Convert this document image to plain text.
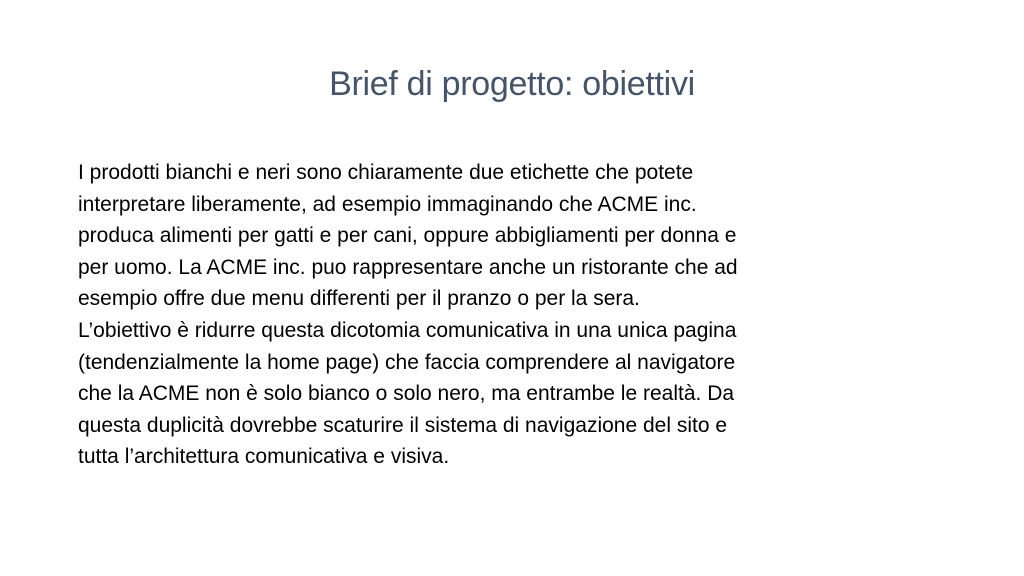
Brief di progetto: obiettivi

I prodotti bianchi e neri sono chiaramente due etichette che potete

interpretare liberamente, ad esempio immaginando che ACME inc.

produca alimenti per gatti e per cani, oppure abbigliamenti per donna e

per uomo. La ACME inc. puo rappresentare anche un ristorante che ad

esempio offre due menu differenti per il pranzo o per la sera.

L’obiettivo è ridurre questa dicotomia comunicativa in una unica pagina

(tendenzialmente la home page) che faccia comprendere al navigatore

che la ACME non è solo bianco o solo nero, ma entrambe le realtà. Da

questa duplicità dovrebbe scaturire il sistema di navigazione del sito e

tutta l’architettura comunicativa e visiva.
